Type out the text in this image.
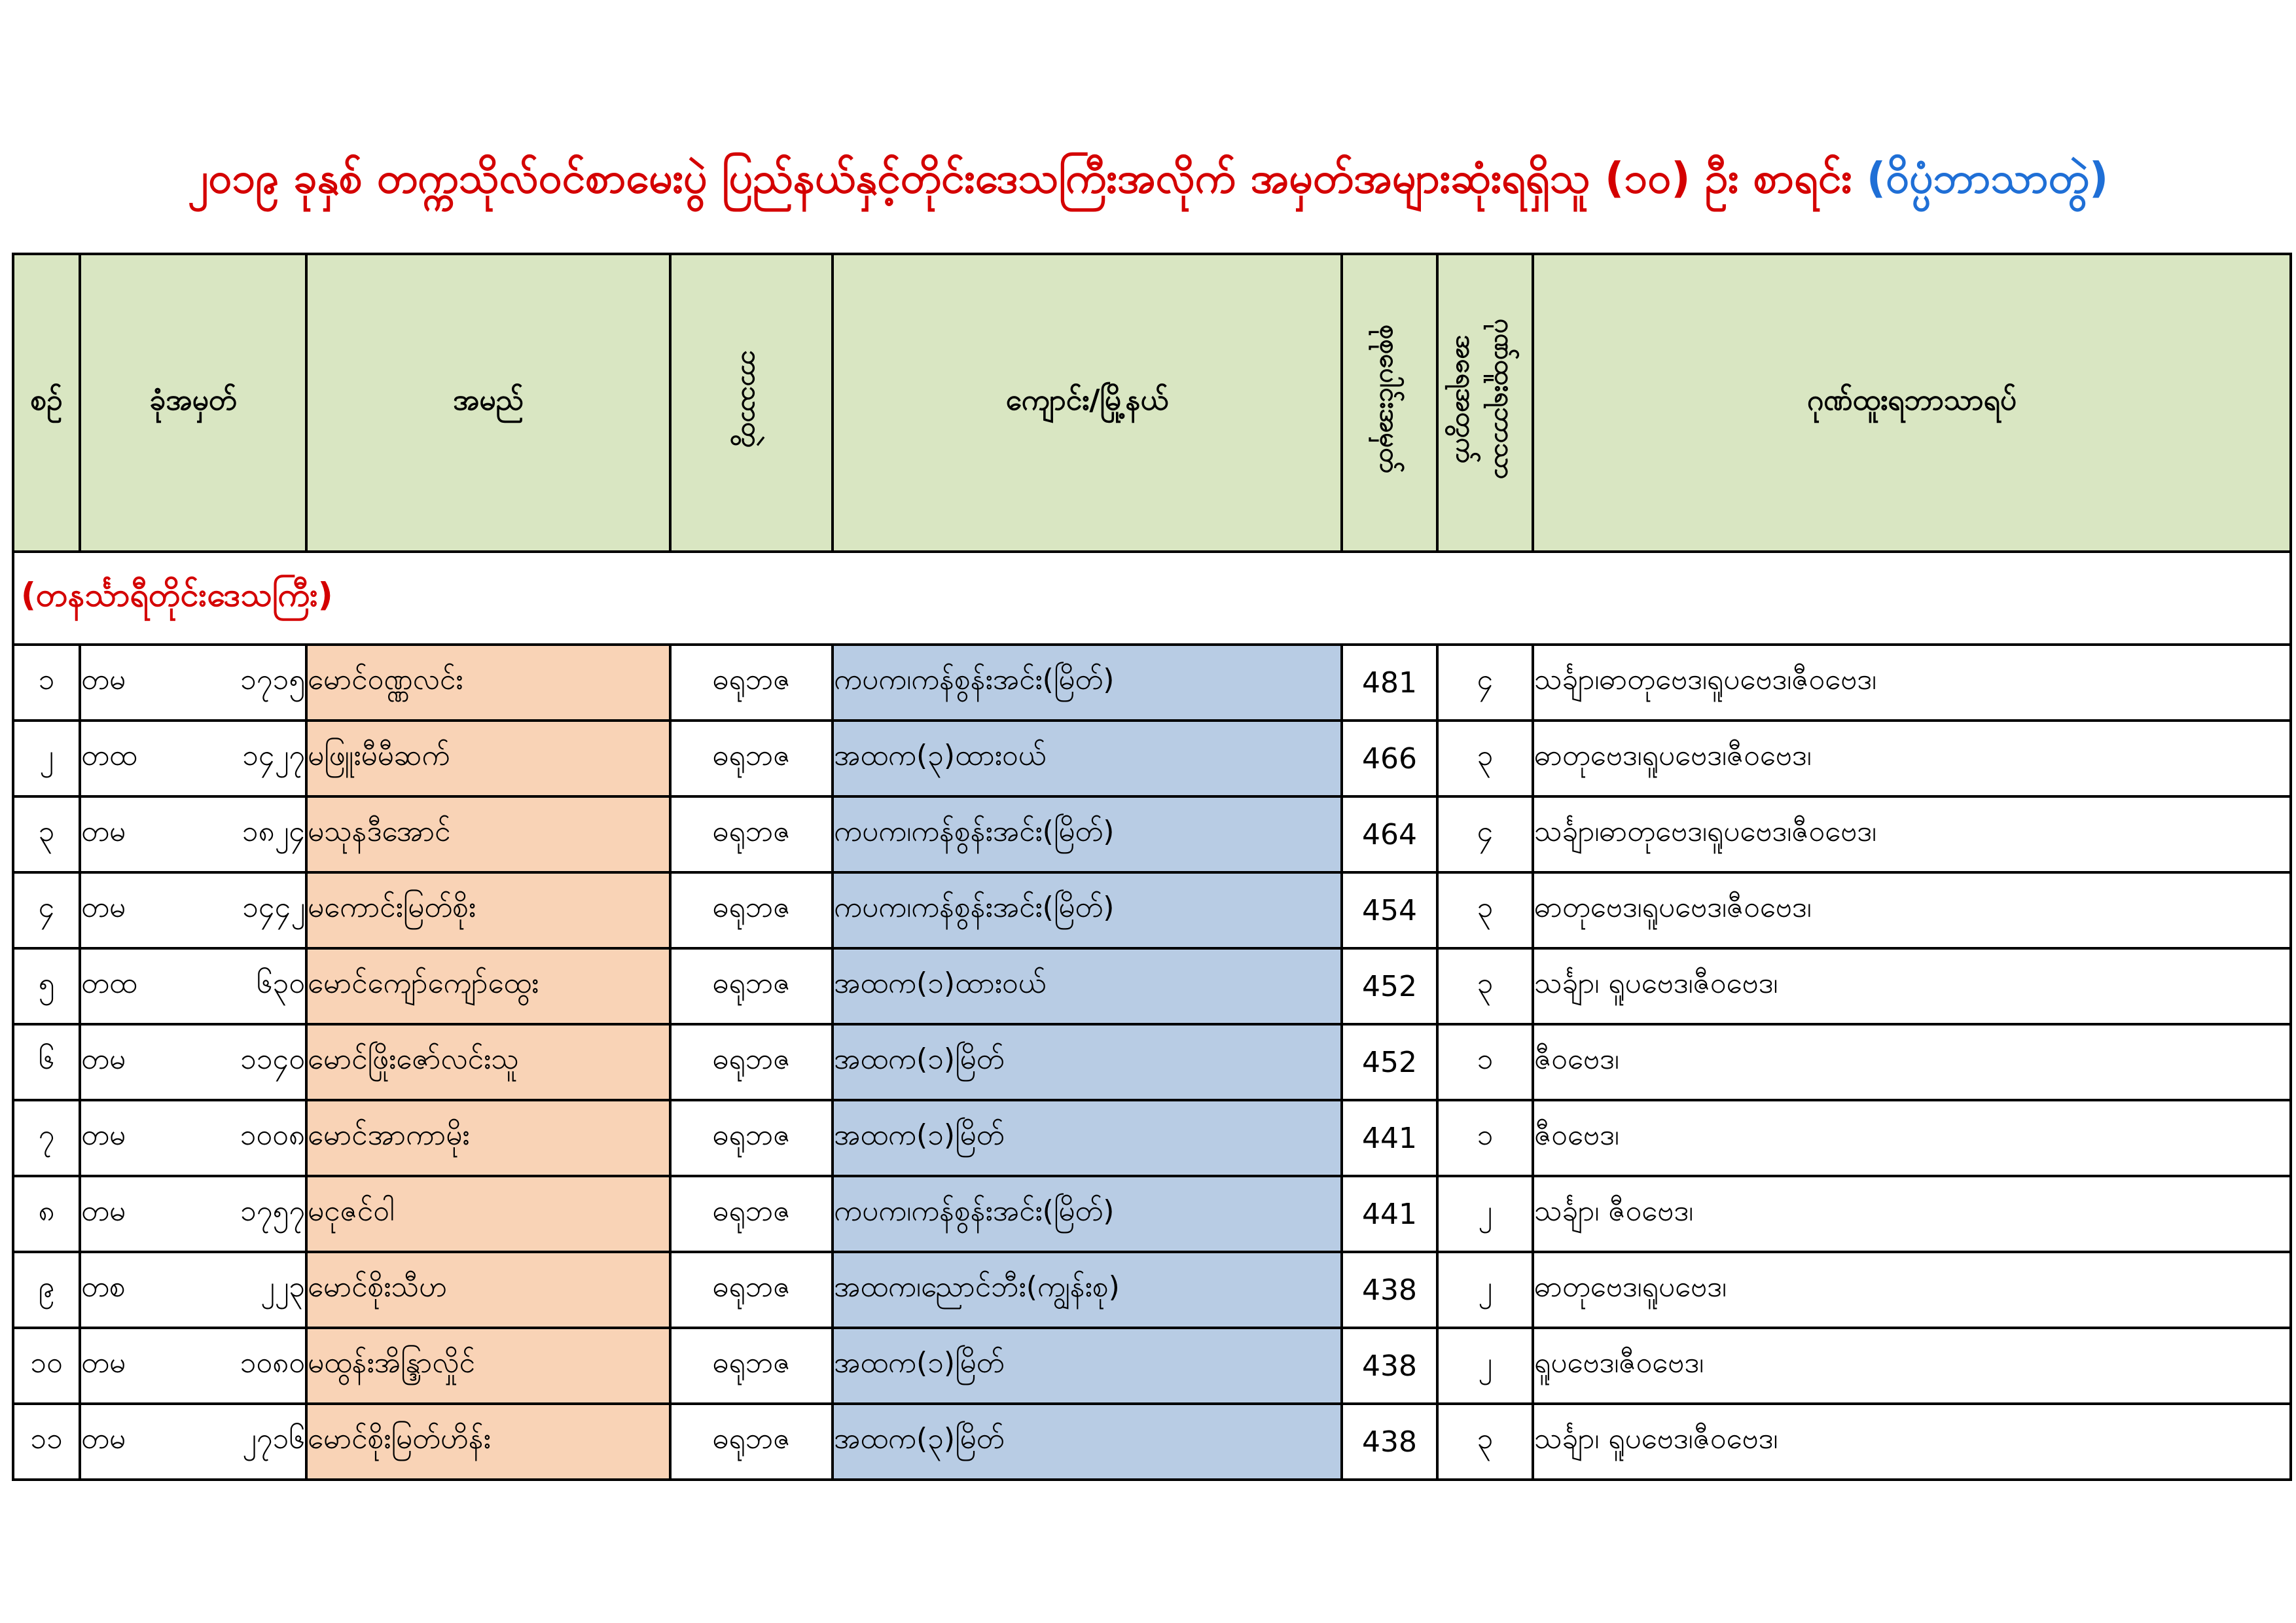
၂၀၁၉ ခုနှစ် တက္ကသိုလ်ဝင်စာမေးပွဲ ပြည်နယ်နှင့်တိုင်းဒေသကြီးအလိုက် အမှတ်အများဆုံးရရှိသူ (၁၀) ဦး စာရင်း (ဝိပ္ပံဘာသာတွဲ)
စဉ်	ခုံအမှတ်	အမည်	ဘာသာတွဲ	ကျောင်း/မြို့နယ်	စုစုပေါင်းအမှတ်	ဂုဏ်ထူးရဘာသာအရေအတွက်	ဂုဏ်ထူးရဘာသာရပ်
(တနင်္သာရီတိုင်းဒေသကြီး)							
၁	တမ ၁၇၁၅	မောင်ဝဏ္ဏလင်း	ဓရုဘဇ	ကပက၊ကန်စွန်းအင်း(မြိတ်)	481	၄	သင်္ချာ၊ဓာတုဗေဒ၊ရူပဗေဒ၊ဇီဝဗေဒ၊
၂	တထ ၁၄၂၇	မဖြူးမီမီဆက်	ဓရုဘဇ	အထက(၃)ထားဝယ်	466	၃	ဓာတုဗေဒ၊ရူပဗေဒ၊ဇီဝဗေဒ၊
၃	တမ ၁၈၂၄	မသုနဒီအောင်	ဓရုဘဇ	ကပက၊ကန်စွန်းအင်း(မြိတ်)	464	၄	သင်္ချာ၊ဓာတုဗေဒ၊ရူပဗေဒ၊ဇီဝဗေဒ၊
၄	တမ ၁၄၄၂	မကောင်းမြတ်စိုး	ဓရုဘဇ	ကပက၊ကန်စွန်းအင်း(မြိတ်)	454	၃	ဓာတုဗေဒ၊ရူပဗေဒ၊ဇီဝဗေဒ၊
၅	တထ ၆၃၀	မောင်ကျော်ကျော်ထွေး	ဓရုဘဇ	အထက(၁)ထားဝယ်	452	၃	သင်္ချာ၊ ရူပဗေဒ၊ဇီဝဗေဒ၊
၆	တမ ၁၁၄၀	မောင်ဖြိုးဇော်လင်းသူ	ဓရုဘဇ	အထက(၁)မြိတ်	452	၁	ဇီဝဗေဒ၊
၇	တမ ၁၀၀၈	မောင်အာကာမိုး	ဓရုဘဇ	အထက(၁)မြိတ်	441	၁	ဇီဝဗေဒ၊
၈	တမ ၁၇၅၇	မငုဇင်ဝါ	ဓရုဘဇ	ကပက၊ကန်စွန်းအင်း(မြိတ်)	441	၂	သင်္ချာ၊ ဇီဝဗေဒ၊
၉	တစ ၂၂၃	မောင်စိုးသီဟ	ဓရုဘဇ	အထက၊ညောင်ဘီး(ကျွန်းစု)	438	၂	ဓာတုဗေဒ၊ရူပဗေဒ၊
၁၀	တမ ၁၀၈၀	မထွန်းအိန္ဒြာလှိုင်	ဓရုဘဇ	အထက(၁)မြိတ်	438	၂	ရူပဗေဒ၊ဇီဝဗေဒ၊
၁၁	တမ ၂၇၁၆	မောင်စိုးမြတ်ဟိန်း	ဓရုဘဇ	အထက(၃)မြိတ်	438	၃	သင်္ချာ၊ ရူပဗေဒ၊ဇီဝဗေဒ၊
